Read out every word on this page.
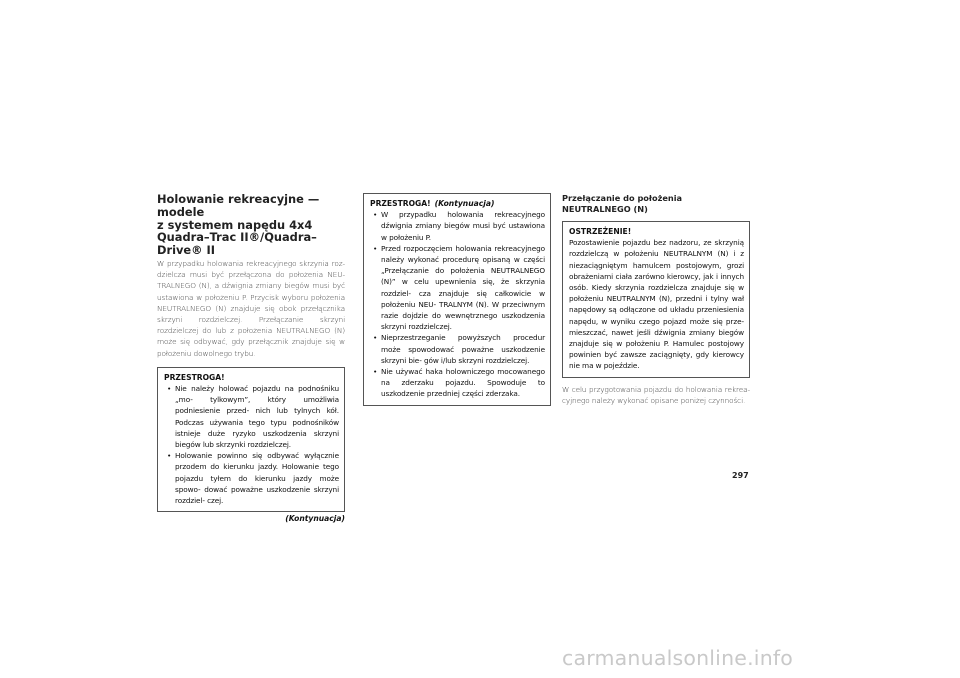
Holowanie rekreacyjne — modele
z systemem napędu 4x4
Quadra–Trac II®/Quadra–Drive® II

W przypadku holowania rekreacyjnego skrzynia roz- dzielcza musi być przełączona do położenia NEU- TRALNEGO (N), a dźwignia zmiany biegów musi być ustawiona w położeniu P. Przycisk wyboru położenia NEUTRALNEGO (N) znajduje się obok przełącznika skrzyni rozdzielczej. Przełączanie skrzyni rozdzielczej do lub z położenia NEUTRALNEGO (N) może się odbywać, gdy przełącznik znajduje się w położeniu dowolnego trybu.

PRZESTROGA!
• Nie należy holować pojazdu na podnośniku „mo- tylkowym”, który umożliwia podniesienie przed- nich lub tylnych kół. Podczas używania tego typu podnośników istnieje duże ryzyko uszkodzenia skrzyni biegów lub skrzynki rozdzielczej.
• Holowanie powinno się odbywać wyłącznie przodem do kierunku jazdy. Holowanie tego pojazdu tyłem do kierunku jazdy może spowo- dować poważne uszkodzenie skrzyni rozdziel- czej.
(Kontynuacja)
PRZESTROGA! (Kontynuacja)
• W przypadku holowania rekreacyjnego dźwignia zmiany biegów musi być ustawiona w położeniu P.
• Przed rozpoczęciem holowania rekreacyjnego należy wykonać procedurę opisaną w części „Przełączanie do położenia NEUTRALNEGO (N)” w celu upewnienia się, że skrzynia rozdziel- cza znajduje się całkowicie w położeniu NEU- TRALNYM (N). W przeciwnym razie dojdzie do wewnętrznego uszkodzenia skrzyni rozdzielczej.
• Nieprzestrzeganie powyższych procedur może spowodować poważne uszkodzenie skrzyni bie- gów i/lub skrzyni rozdzielczej.
• Nie używać haka holowniczego mocowanego na zderzaku pojazdu. Spowoduje to uszkodzenie przedniej części zderzaka.
Przełączanie do położenia NEUTRALNEGO (N)
OSTRZEŻENIE!

Pozostawienie pojazdu bez nadzoru, ze skrzynią rozdzielczą w położeniu NEUTRALNYM (N) i z niezaciągniętym hamulcem postojowym, grozi obrażeniami ciała zarówno kierowcy, jak i innych osób. Kiedy skrzynia rozdzielcza znajduje się w położeniu NEUTRALNYM (N), przedni i tylny wał napędowy są odłączone od układu przeniesienia napędu, w wyniku czego pojazd może się prze- mieszczać, nawet jeśli dźwignia zmiany biegów znajduje się w położeniu P. Hamulec postojowy powinien być zawsze zaciągnięty, gdy kierowcy nie ma w pojeździe.

W celu przygotowania pojazdu do holowania rekrea- cyjnego należy wykonać opisane poniżej czynności.

297
carmanualsonline.info
